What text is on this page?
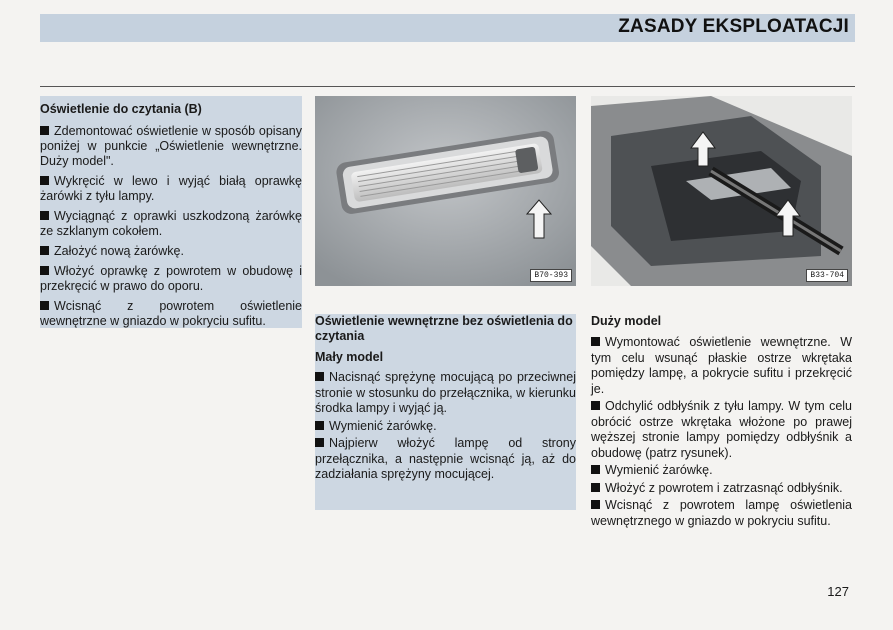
ZASADY EKSPLOATACJI
Oświetlenie do czytania (B)
Zdemontować oświetlenie w sposób opisany poniżej w punkcie „Oświetlenie wewnętrzne. Duży model".
Wykręcić w lewo i wyjąć białą oprawkę żarówki z tyłu lampy.
Wyciągnąć z oprawki uszkodzoną żarówkę ze szklanym cokołem.
Założyć nową żarówkę.
Włożyć oprawkę z powrotem w obudowę i przekręcić w prawo do oporu.
Wcisnąć z powrotem oświetlenie wewnętrzne w gniazdo w pokryciu sufitu.
B70-393	B33-704
Oświetlenie wewnętrzne bez oświetlenia do czytania
Mały model
Nacisnąć sprężynę mocującą po przeciwnej stronie w stosunku do przełącznika, w kierunku środka lampy i wyjąć ją.
Wymienić żarówkę.
Najpierw włożyć lampę od strony przełącznika, a następnie wcisnąć ją, aż do zadziałania sprężyny mocującej.
Duży model
Wymontować oświetlenie wewnętrzne. W tym celu wsunąć płaskie ostrze wkrętaka pomiędzy lampę, a pokrycie sufitu i przekręcić je.
Odchylić odbłyśnik z tyłu lampy. W tym celu obrócić ostrze wkrętaka włożone po prawej węższej stronie lampy pomiędzy odbłyśnik a obudowę (patrz rysunek).
Wymienić żarówkę.
Włożyć z powrotem i zatrzasnąć odbłyśnik.
Wcisnąć z powrotem lampę oświetlenia wewnętrznego w gniazdo w pokryciu sufitu.
127
